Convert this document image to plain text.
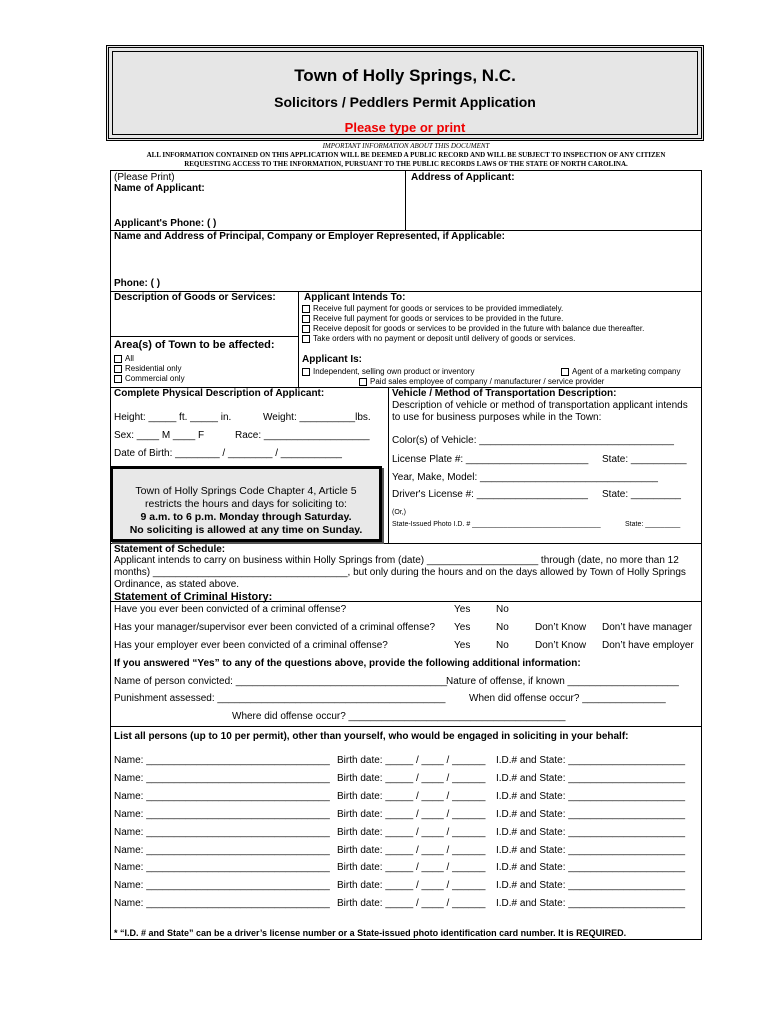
Town of Holly Springs, N.C.
Solicitors / Peddlers Permit Application
Please type or print
IMPORTANT INFORMATION ABOUT THIS DOCUMENT
ALL INFORMATION CONTAINED ON THIS APPLICATION WILL BE DEEMED A PUBLIC RECORD AND WILL BE SUBJECT TO INSPECTION OF ANY CITIZEN
REQUESTING ACCESS TO THE INFORMATION, PURSUANT TO THE PUBLIC RECORDS LAWS OF THE STATE OF NORTH CAROLINA.
(Please Print)
Name of Applicant:
Address of Applicant:
Applicant's Phone: ( )
Name and Address of Principal, Company or Employer Represented, if Applicable:
Phone: ( )
Description of Goods or Services:	Applicant Intends To:
Receive full payment for goods or services to be provided immediately.
Receive full payment for goods or services to be provided in the future.
Receive deposit for goods or services to be provided in the future with balance due thereafter.
Take orders with no payment or deposit until delivery of goods or services.
Area(s) of Town to be affected:
All
Residential only
Commercial only
Applicant Is:
Independent, selling own product or inventory	Agent of a marketing company
Paid sales employee of company / manufacturer / service provider
Complete Physical Description of Applicant:
Height: _____ ft. _____ in.	Weight: __________lbs.
Sex: ____ M ____ F	Race: ___________________
Date of Birth: ________ / ________ / ___________
Vehicle / Method of Transportation Description:
Description of vehicle or method of transportation applicant intends
to use for business purposes while in the Town:
Color(s) of Vehicle: ___________________________________
License Plate #: ______________________ State: __________
Year, Make, Model: ________________________________
Driver's License #: ____________________ State: _________
(Or,)
State-Issued Photo I.D. # _________________________________	State: _________
Statement of Schedule:
Applicant intends to carry on business within Holly Springs from (date) ____________________ through (date, no more than 12
months) ___________________________________, but only during the hours and on the days allowed by Town of Holly Springs
Ordinance, as stated above.
Statement of Criminal History:
Have you ever been convicted of a criminal offense?	Yes	No
Has your manager/supervisor ever been convicted of a criminal offense? Yes	No	Don’t Know Don’t have manager
Has your employer ever been convicted of a criminal offense?	Yes	No	Don’t Know Don’t have employer
If you answered “Yes” to any of the questions above, provide the following additional information:
Name of person convicted: ______________________________________
Nature of offense, if known ____________________
Punishment assessed: _________________________________________ When did offense occur? _______________
Where did offense occur? _______________________________________
List all persons (up to 10 per permit), other than yourself, who would be engaged in soliciting in your behalf:
Name: _________________________________ Birth date: _____ / ____ / ______ I.D.# and State: _____________________
Name: _________________________________ Birth date: _____ / ____ / ______ I.D.# and State: _____________________
Name: _________________________________ Birth date: _____ / ____ / ______ I.D.# and State: _____________________
Name: _________________________________ Birth date: _____ / ____ / ______ I.D.# and State: _____________________
Name: _________________________________ Birth date: _____ / ____ / ______ I.D.# and State: _____________________
Name: _________________________________ Birth date: _____ / ____ / ______ I.D.# and State: _____________________
Name: _________________________________ Birth date: _____ / ____ / ______ I.D.# and State: _____________________
Name: _________________________________ Birth date: _____ / ____ / ______ I.D.# and State: _____________________
Name: _________________________________ Birth date: _____ / ____ / ______ I.D.# and State: _____________________
* “I.D. # and State” can be a driver’s license number or a State-issued photo identification card number. It is REQUIRED.
Town of Holly Springs Code Chapter 4, Article 5
restricts the hours and days for soliciting to:
9 a.m. to 6 p.m. Monday through Saturday.
No soliciting is allowed at any time on Sunday.
